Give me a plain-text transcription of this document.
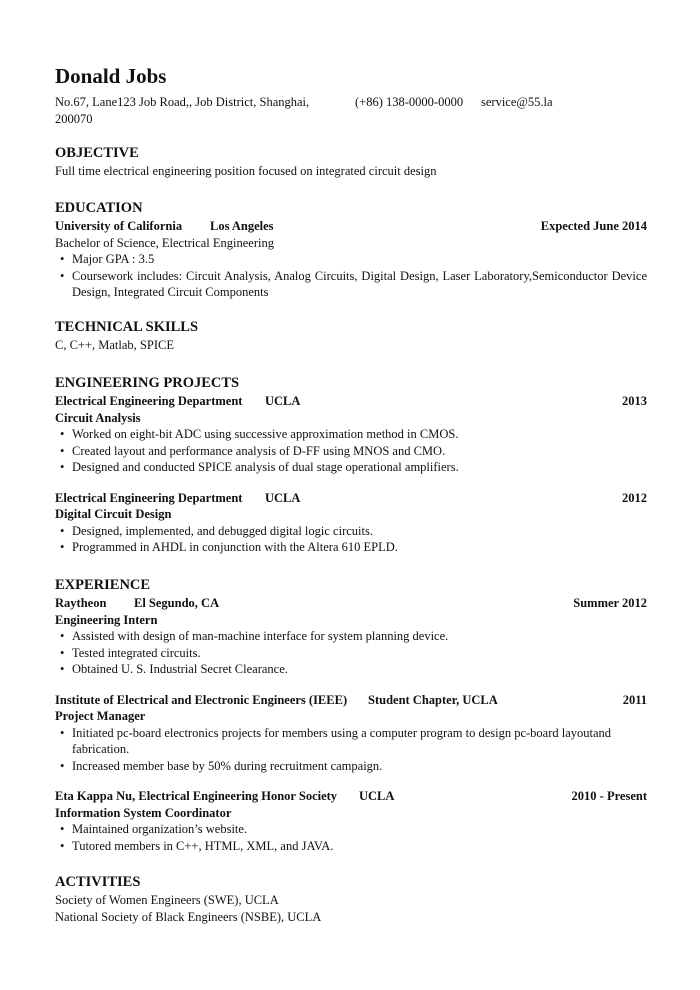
Donald Jobs
No.67, Lane123 Job Road,, Job District, Shanghai,
200070
(+86) 138-0000-0000 service@55.la
OBJECTIVE
Full time electrical engineering position focused on integrated circuit design
EDUCATION
University of California Los Angeles	Expected June 2014
Bachelor of Science, Electrical Engineering
• Major GPA : 3.5
• Coursework includes: Circuit Analysis, Analog Circuits, Digital Design, Laser Laboratory,Semiconductor Device Design, Integrated Circuit Components
TECHNICAL SKILLS
C, C++, Matlab, SPICE
ENGINEERING PROJECTS
Electrical Engineering Department UCLA	2013
Circuit Analysis
• Worked on eight-bit ADC using successive approximation method in CMOS.
• Created layout and performance analysis of D-FF using MNOS and CMO.
• Designed and conducted SPICE analysis of dual stage operational amplifiers.
Electrical Engineering Department UCLA	2012
Digital Circuit Design
• Designed, implemented, and debugged digital logic circuits.
• Programmed in AHDL in conjunction with the Altera 610 EPLD.
EXPERIENCE
Raytheon El Segundo, CA	Summer 2012
Engineering Intern
• Assisted with design of man-machine interface for system planning device.
• Tested integrated circuits.
• Obtained U. S. Industrial Secret Clearance.
Institute of Electrical and Electronic Engineers (IEEE) Student Chapter, UCLA	2011
Project Manager
• Initiated pc-board electronics projects for members using a computer program to design pc-board layoutand fabrication.
• Increased member base by 50% during recruitment campaign.
Eta Kappa Nu, Electrical Engineering Honor Society UCLA	2010 - Present
Information System Coordinator
• Maintained organization’s website.
• Tutored members in C++, HTML, XML, and JAVA.
ACTIVITIES
Society of Women Engineers (SWE), UCLA
National Society of Black Engineers (NSBE), UCLA
